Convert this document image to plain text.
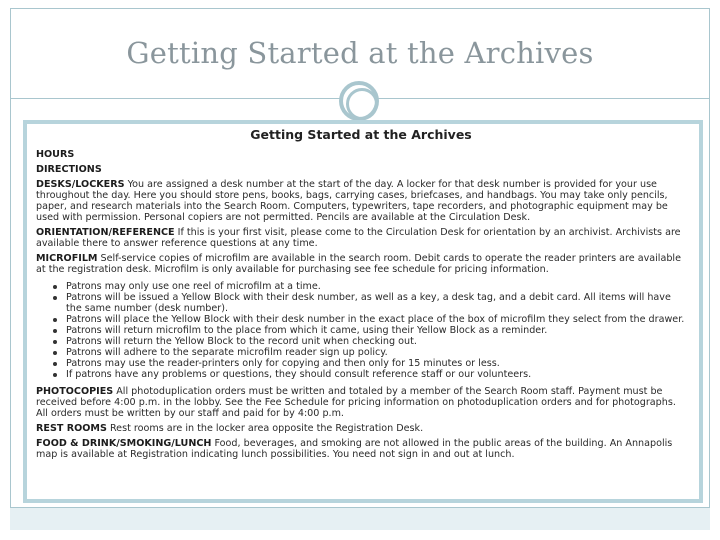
Getting Started at the Archives
Getting Started at the Archives
HOURS
DIRECTIONS
DESKS/LOCKERS You are assigned a desk number at the start of the day. A locker for that desk number is provided for your use throughout the day. Here you should store pens, books, bags, carrying cases, briefcases, and handbags. You may take only pencils, paper, and research materials into the Search Room. Computers, typewriters, tape recorders, and photographic equipment may be used with permission. Personal copiers are not permitted. Pencils are available at the Circulation Desk.
ORIENTATION/REFERENCE If this is your first visit, please come to the Circulation Desk for orientation by an archivist. Archivists are available there to answer reference questions at any time.
MICROFILM Self-service copies of microfilm are available in the search room. Debit cards to operate the reader printers are available at the registration desk. Microfilm is only available for purchasing see fee schedule for pricing information.
Patrons may only use one reel of microfilm at a time.
Patrons will be issued a Yellow Block with their desk number, as well as a key, a desk tag, and a debit card. All items will have the same number (desk number).
Patrons will place the Yellow Block with their desk number in the exact place of the box of microfilm they select from the drawer.
Patrons will return microfilm to the place from which it came, using their Yellow Block as a reminder.
Patrons will return the Yellow Block to the record unit when checking out.
Patrons will adhere to the separate microfilm reader sign up policy.
Patrons may use the reader-printers only for copying and then only for 15 minutes or less.
If patrons have any problems or questions, they should consult reference staff or our volunteers.
PHOTOCOPIES All photoduplication orders must be written and totaled by a member of the Search Room staff. Payment must be received before 4:00 p.m. in the lobby. See the Fee Schedule for pricing information on photoduplication orders and for photographs. All orders must be written by our staff and paid for by 4:00 p.m.
REST ROOMS Rest rooms are in the locker area opposite the Registration Desk.
FOOD & DRINK/SMOKING/LUNCH Food, beverages, and smoking are not allowed in the public areas of the building. An Annapolis map is available at Registration indicating lunch possibilities. You need not sign in and out at lunch.
